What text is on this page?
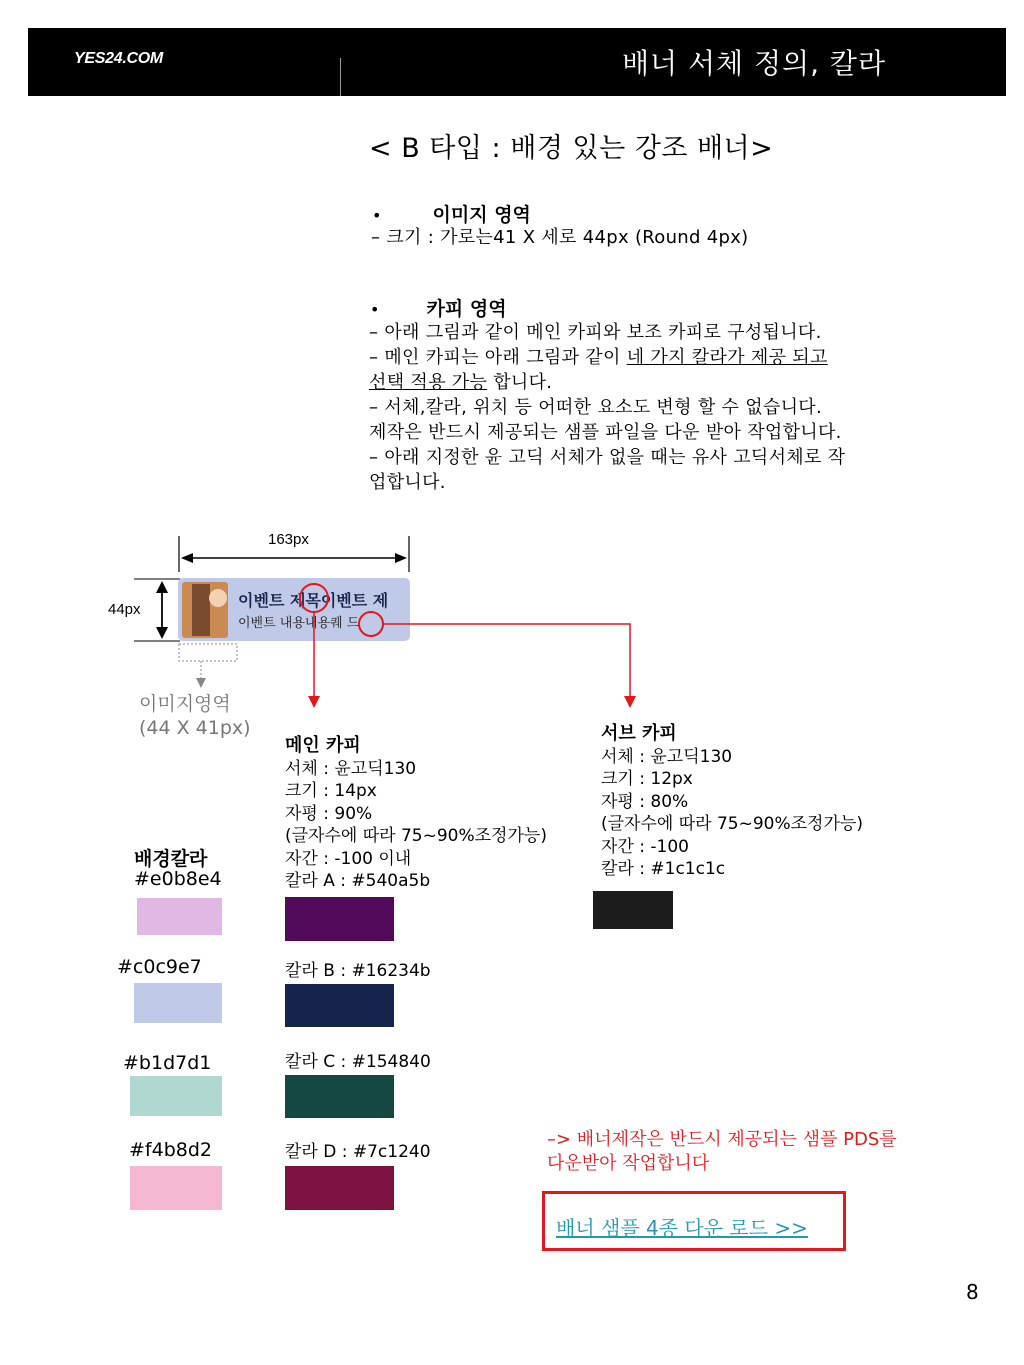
YES24.COM	배너 서체 정의, 칼라
< B 타입 : 배경 있는 강조 배너>
•	이미지 영역
– 크기 : 가로는41 X 세로 44px (Round 4px)
• 카피 영역
– 아래 그림과 같이 메인 카피와 보조 카피로 구성됩니다.
– 메인 카피는 아래 그림과 같이 네 가지 칼라가 제공 되고
선택 적용 가능 합니다.
– 서체,칼라, 위치 등 어떠한 요소도 변형 할 수 없습니다.
제작은 반드시 제공되는 샘플 파일을 다운 받아 작업합니다.
– 아래 지정한 윤 고딕 서체가 없을 때는 유사 고딕서체로 작
업합니다.
이벤트 제목이벤트 제
이벤트 내용내용퀘 드
163px
44px
이미지영역
(44 X 41px)
배경칼라
#e0b8e4
#c0c9e7
#b1d7d1
#f4b8d2
메인 카피
서체 : 윤고딕130
크기 : 14px
자평 : 90%
(글자수에 따라 75~90%조정가능)
자간 : -100 이내
칼라 A : #540a5b
칼라 B : #16234b
칼라 C : #154840
칼라 D : #7c1240
서브 카피
서체 : 윤고딕130
크기 : 12px
자평 : 80%
(글자수에 따라 75~90%조정가능)
자간 : -100
칼라 : #1c1c1c
–> 배너제작은 반드시 제공되는 샘플 PDS를
다운받아 작업합니다
배너 샘플 4종 다운 로드 >>
8
